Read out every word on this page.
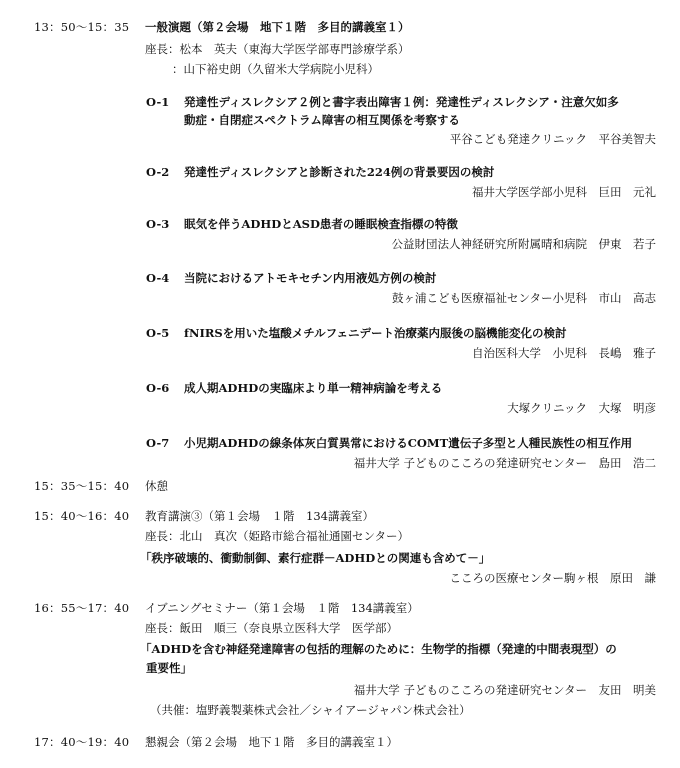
13：50〜15：35 一般演題（第２会場　地下１階　多目的講義室１）
座長：松本　英夫（東海大学医学部専門診療学系）
：山下裕史朗（久留米大学病院小児科）
O-1 発達性ディスレクシア２例と書字表出障害１例：発達性ディスレクシア・注意欠如多
動症・自閉症スペクトラム障害の相互関係を考察する
平谷こども発達クリニック　平谷美智夫
O-2 発達性ディスレクシアと診断された224例の背景要因の検討
福井大学医学部小児科　巨田　元礼
O-3 眠気を伴うADHDとASD患者の睡眠検査指標の特徴
公益財団法人神経研究所附属晴和病院　伊東　若子
O-4 当院におけるアトモキセチン内用液処方例の検討
鼓ヶ浦こども医療福祉センター小児科　市山　高志
O-5 fNIRSを用いた塩酸メチルフェニデート治療薬内服後の脳機能変化の検討
自治医科大学　小児科　長嶋　雅子
O-6 成人期ADHDの実臨床より単一精神病論を考える
大塚クリニック　大塚　明彦
O-7 小児期ADHDの線条体灰白質異常におけるCOMT遺伝子多型と人種民族性の相互作用
福井大学 子どものこころの発達研究センター　島田　浩二
15：35〜15：40 休憩
15：40〜16：40 教育講演③（第１会場　１階　134講義室）
座長：北山　真次（姫路市総合福祉通園センター）
「秩序破壊的、衝動制御、素行症群－ADHDとの関連も含めて－」
こころの医療センター駒ヶ根　原田　謙
16：55〜17：40 イブニングセミナー（第１会場　１階　134講義室）
座長：飯田　順三（奈良県立医科大学　医学部）
「ADHDを含む神経発達障害の包括的理解のために：生物学的指標（発達的中間表現型）の
重要性」
福井大学 子どものこころの発達研究センター　友田　明美
（共催：塩野義製薬株式会社／シャイアージャパン株式会社）
17：40〜19：40 懇親会（第２会場　地下１階　多目的講義室１）
